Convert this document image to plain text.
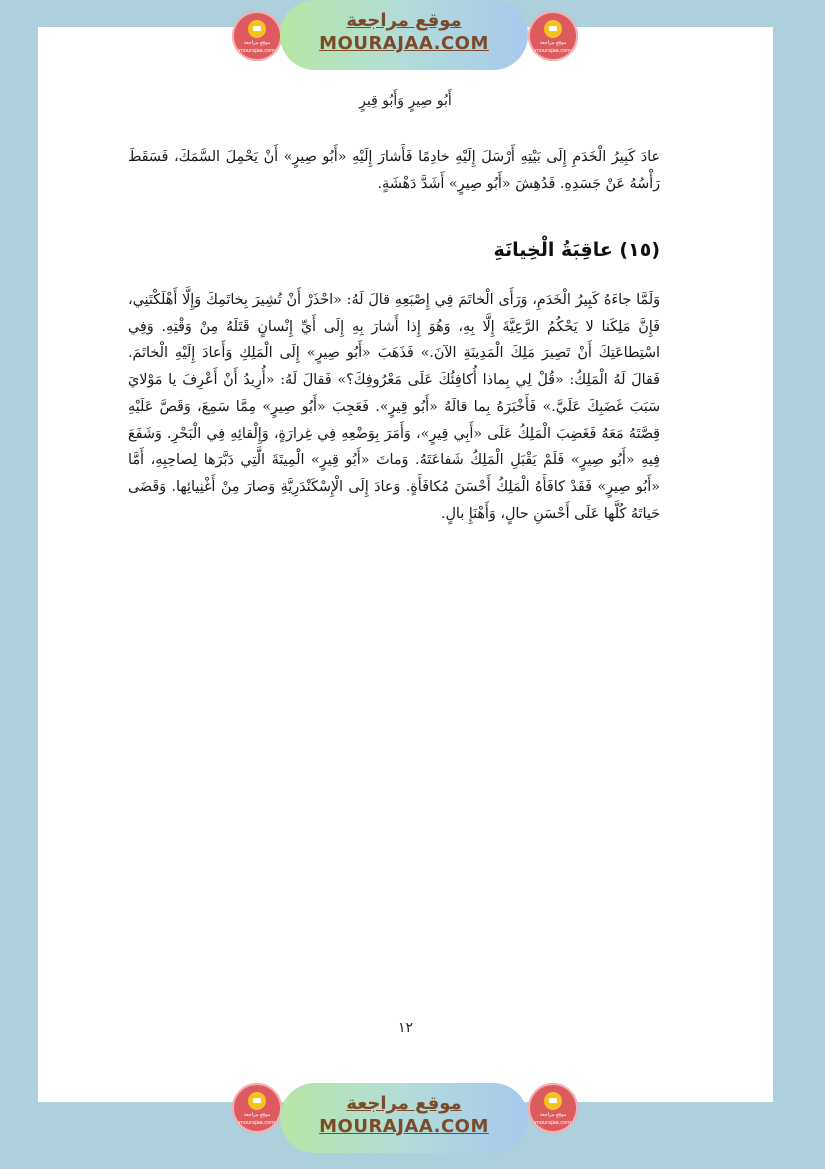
موقع مراجعة
mourajaa.com
موقع مراجعة
MOURAJAA.COM	موقع مراجعة
mourajaa.com
أَبُو صِيرٍ وَأَبُو قِيرٍ
عادَ كَبِيرُ الْخَدَمِ إِلَى بَيْتِهِ أَرْسَلَ إِلَيْهِ خادِمًا فَأَشارَ إِلَيْهِ «أَبُو صِيرٍ» أَنْ يَحْمِلَ السَّمَكَ، فَسَقَطَ رَأْسُهُ عَنْ جَسَدِهِ. فَدُهِشَ «أَبُو صِيرٍ» أَشَدَّ دَهْشَةٍ.
(١٥) عاقِبَةُ الْخِيانَةِ
وَلَمَّا جاءَهُ كَبِيرُ الْخَدَمِ، وَرَأَى الْخاتَمَ فِي إِصْبَعِهِ قالَ لَهُ: «احْذَرْ أَنْ تُشِيرَ بِخاتَمِكَ وَإِلَّا أَهْلَكْتَنِي، فَإِنَّ مَلِكَنا لا يَحْكُمُ الرَّعِيَّةَ إِلَّا بِهِ، وَهُوَ إِذا أَشارَ بِهِ إِلَى أَيِّ إِنْسانٍ قَتَلَهُ مِنْ وَقْتِهِ. وَفِي اسْتِطاعَتِكَ أَنْ تَصِيرَ مَلِكَ الْمَدِينَةِ الآنَ.» فَذَهَبَ «أَبُو صِيرٍ» إِلَى الْمَلِكِ وَأَعادَ إِلَيْهِ الْخاتَمَ. فَقالَ لَهُ الْمَلِكُ: «قُلْ لِي بِماذا أُكافِئُكَ عَلَى مَعْرُوفِكَ؟» فَقالَ لَهُ: «أُرِيدُ أَنْ أَعْرِفَ يا مَوْلايَ سَبَبَ غَضَبِكَ عَلَيَّ.» فَأَخْبَرَهُ بِما قالَهُ «أَبُو قِيرٍ». فَعَجِبَ «أَبُو صِيرٍ» مِمَّا سَمِعَ، وَقَصَّ عَلَيْهِ قِصَّتَهُ مَعَهُ فَغَضِبَ الْمَلِكُ عَلَى «أَبِي قِيرٍ»، وَأَمَرَ بِوَضْعِهِ فِي غِرارَةٍ، وَإِلْقائِهِ فِي الْبَحْرِ. وَشَفَعَ فِيهِ «أَبُو صِيرٍ» فَلَمْ يَقْبَلِ الْمَلِكُ شَفاعَتَهُ. وَماتَ «أَبُو قِيرٍ» الْمِيتَةَ الَّتِي دَبَّرَها لِصاحِبِهِ، أَمَّا «أَبُو صِيرٍ» فَقَدْ كافَأَهُ الْمَلِكُ أَحْسَنَ مُكافَأَةٍ. وَعادَ إِلَى الْإِسْكَنْدَرِيَّةِ وَصارَ مِنْ أَغْنِيائِها. وَقَضَى حَياتَهُ كُلَّها عَلَى أَحْسَنِ حالٍ، وَأَهْنَإِ بالٍ.
١٢
موقع مراجعة
mourajaa.com
موقع مراجعة
MOURAJAA.COM
موقع مراجعة
mourajaa.com
